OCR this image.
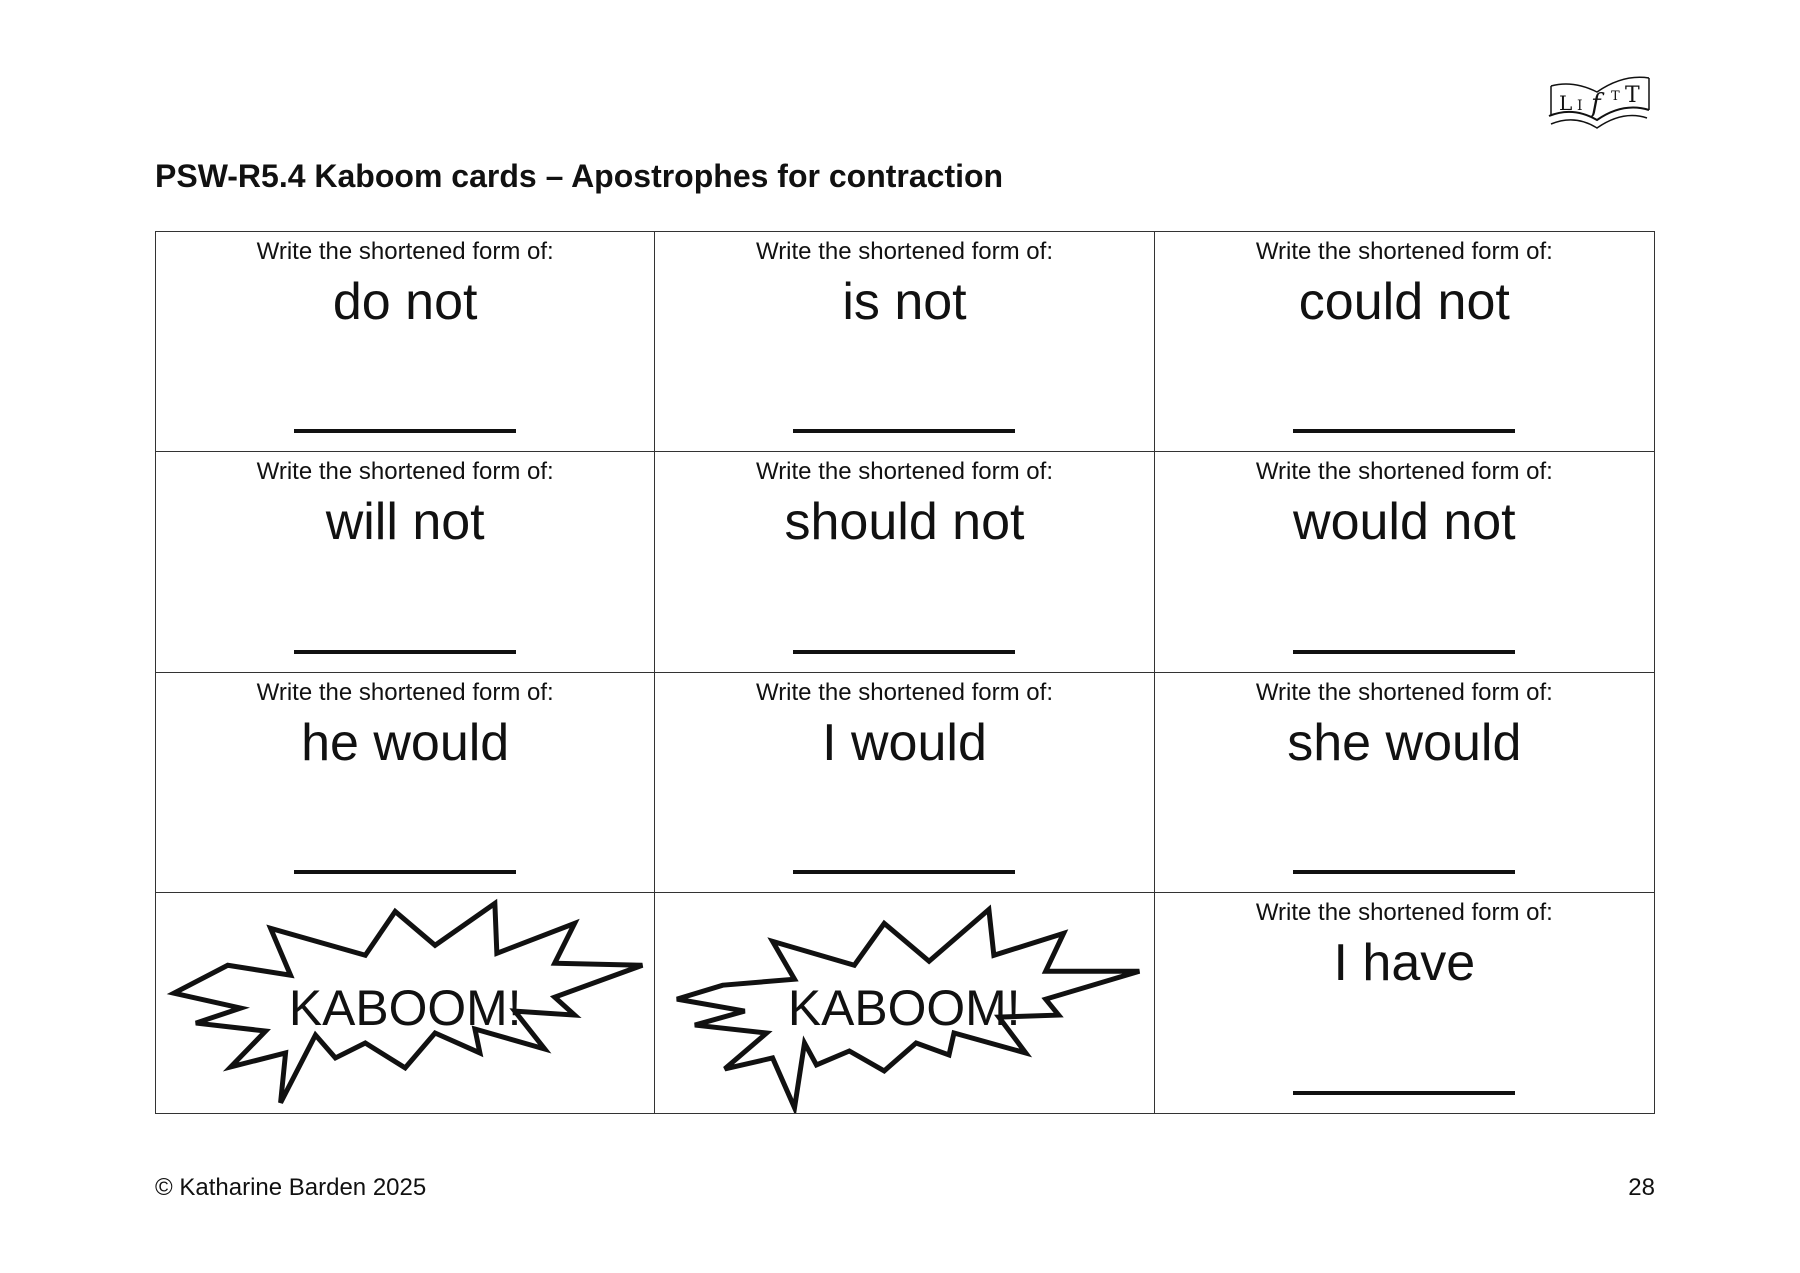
L I f T T
PSW-R5.4 Kaboom cards – Apostrophes for contraction
Write the shortened form of:
do not
Write the shortened form of:
is not
Write the shortened form of:
could not
Write the shortened form of:
will not
Write the shortened form of:
should not
Write the shortened form of:
would not
Write the shortened form of:
he would
Write the shortened form of:
I would
Write the shortened form of:
she would
KABOOM!	KABOOM!
Write the shortened form of:
I have
© Katharine Barden 2025	28
